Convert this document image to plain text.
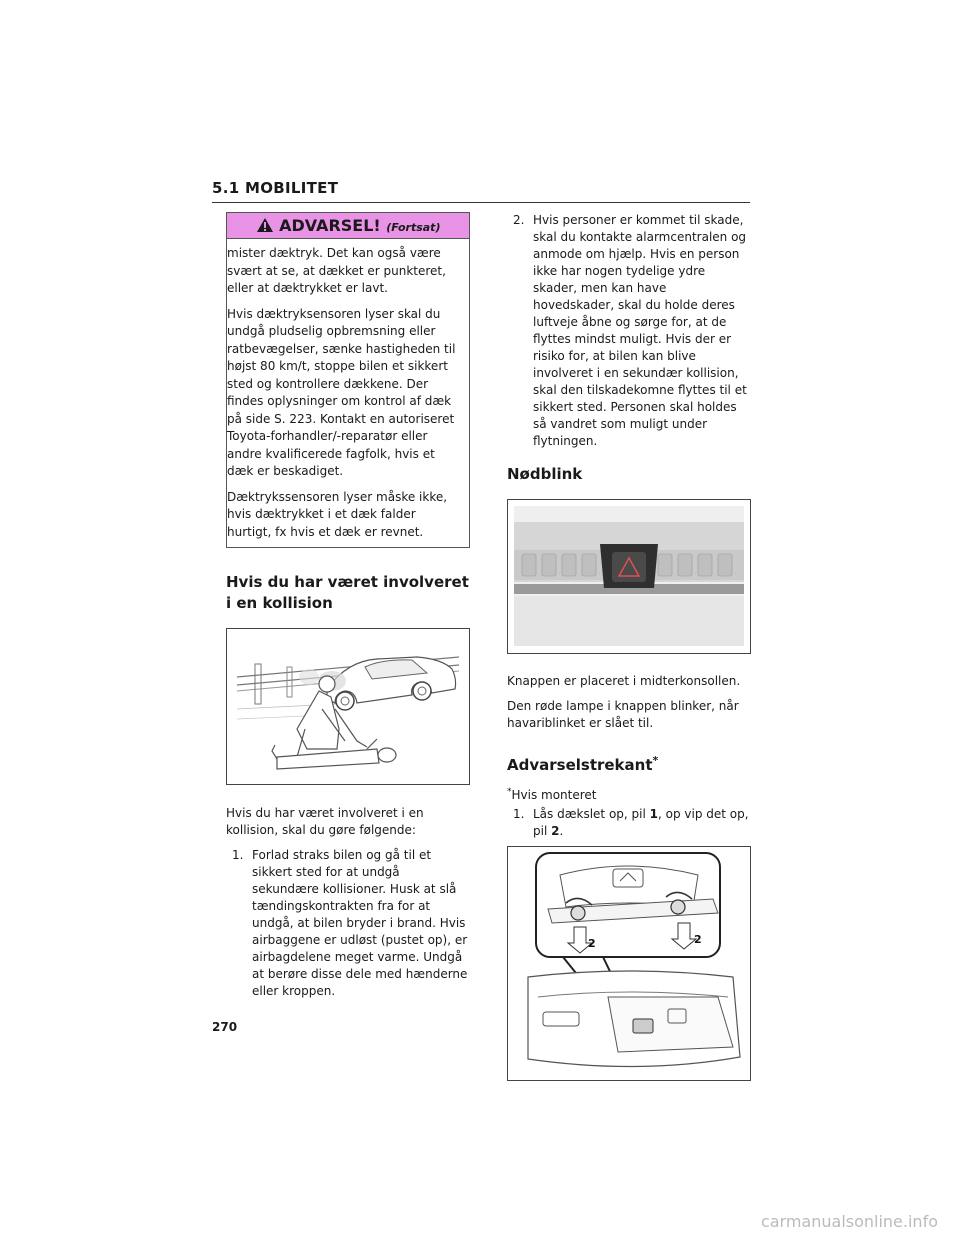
5.1 MOBILITET
ADVARSEL! (Fortsat)

mister dæktryk. Det kan også være svært at se, at dækket er punkteret, eller at dæktrykket er lavt.

Hvis dæktryksensoren lyser skal du undgå pludselig opbremsning eller ratbevægelser, sænke hastigheden til højst 80 km/t, stoppe bilen et sikkert sted og kontrollere dækkene. Der findes oplysninger om kontrol af dæk på side S. 223. Kontakt en autoriseret Toyota-forhandler/-reparatør eller andre kvalificerede fagfolk, hvis et dæk er beskadiget.

Dæktrykssensoren lyser måske ikke, hvis dæktrykket i et dæk falder hurtigt, fx hvis et dæk er revnet.

Hvis du har været involveret i en kollision

Hvis du har været involveret i en kollision, skal du gøre følgende:

1. Forlad straks bilen og gå til et sikkert sted for at undgå sekundære kollisioner. Husk at slå tændingskontrakten fra for at undgå, at bilen bryder i brand. Hvis airbaggene er udløst (pustet op), er airbagdelene meget varme. Undgå at berøre disse dele med hænderne eller kroppen.
2. Hvis personer er kommet til skade, skal du kontakte alarmcentralen og anmode om hjælp. Hvis en person ikke har nogen tydelige ydre skader, men kan have hovedskader, skal du holde deres luftveje åbne og sørge for, at de flyttes mindst muligt. Hvis der er risiko for, at bilen kan blive involveret i en sekundær kollision, skal den tilskadekomne flyttes til et sikkert sted. Personen skal holdes så vandret som muligt under flytningen.
Nødblink

Knappen er placeret i midterkonsollen.

Den røde lampe i knappen blinker, når havariblinket er slået til.

Advarselstrekant*

*Hvis monteret

1. Lås dækslet op, pil 1, op vip det op, pil 2.
2	2
270
carmanualsonline.info
